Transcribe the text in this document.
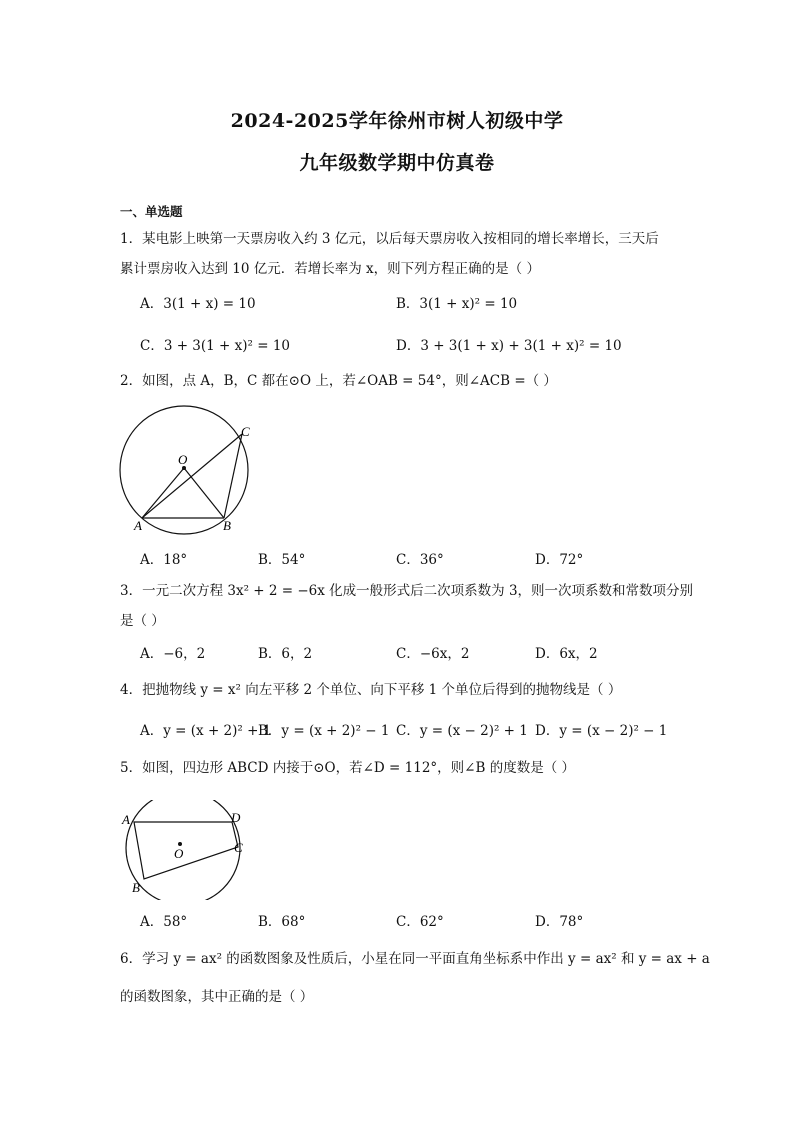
2024-2025学年徐州市树人初级中学
九年级数学期中仿真卷
一、单选题
1．某电影上映第一天票房收入约 3 亿元，以后每天票房收入按相同的增长率增长，三天后
累计票房收入达到 10 亿元．若增长率为 x，则下列方程正确的是（ ）
A．3(1 + x) = 10	B．3(1 + x)² = 10
C．3 + 3(1 + x)² = 10	D．3 + 3(1 + x) + 3(1 + x)² = 10
2．如图，点 A，B，C 都在⊙O 上，若∠OAB = 54°，则∠ACB =（ ）
O
A	B
C
A．18°	B．54°	C．36°	D．72°
3．一元二次方程 3x² + 2 = −6x 化成一般形式后二次项系数为 3，则一次项系数和常数项分别
是（ ）
A．−6，2	B．6，2	C．−6x，2	D．6x，2
4．把抛物线 y = x² 向左平移 2 个单位、向下平移 1 个单位后得到的抛物线是（ ）
A．y = (x + 2)² + 1
B．y = (x + 2)² − 1 C．y = (x − 2)² + 1 D．y = (x − 2)² − 1
5．如图，四边形 ABCD 内接于⊙O，若∠D = 112°，则∠B 的度数是（ ）
A
B
C
D
O
A．58°	B．68°	C．62°	D．78°
6．学习 y = ax² 的函数图象及性质后，小星在同一平面直角坐标系中作出 y = ax² 和 y = ax + a
的函数图象，其中正确的是（ ）
